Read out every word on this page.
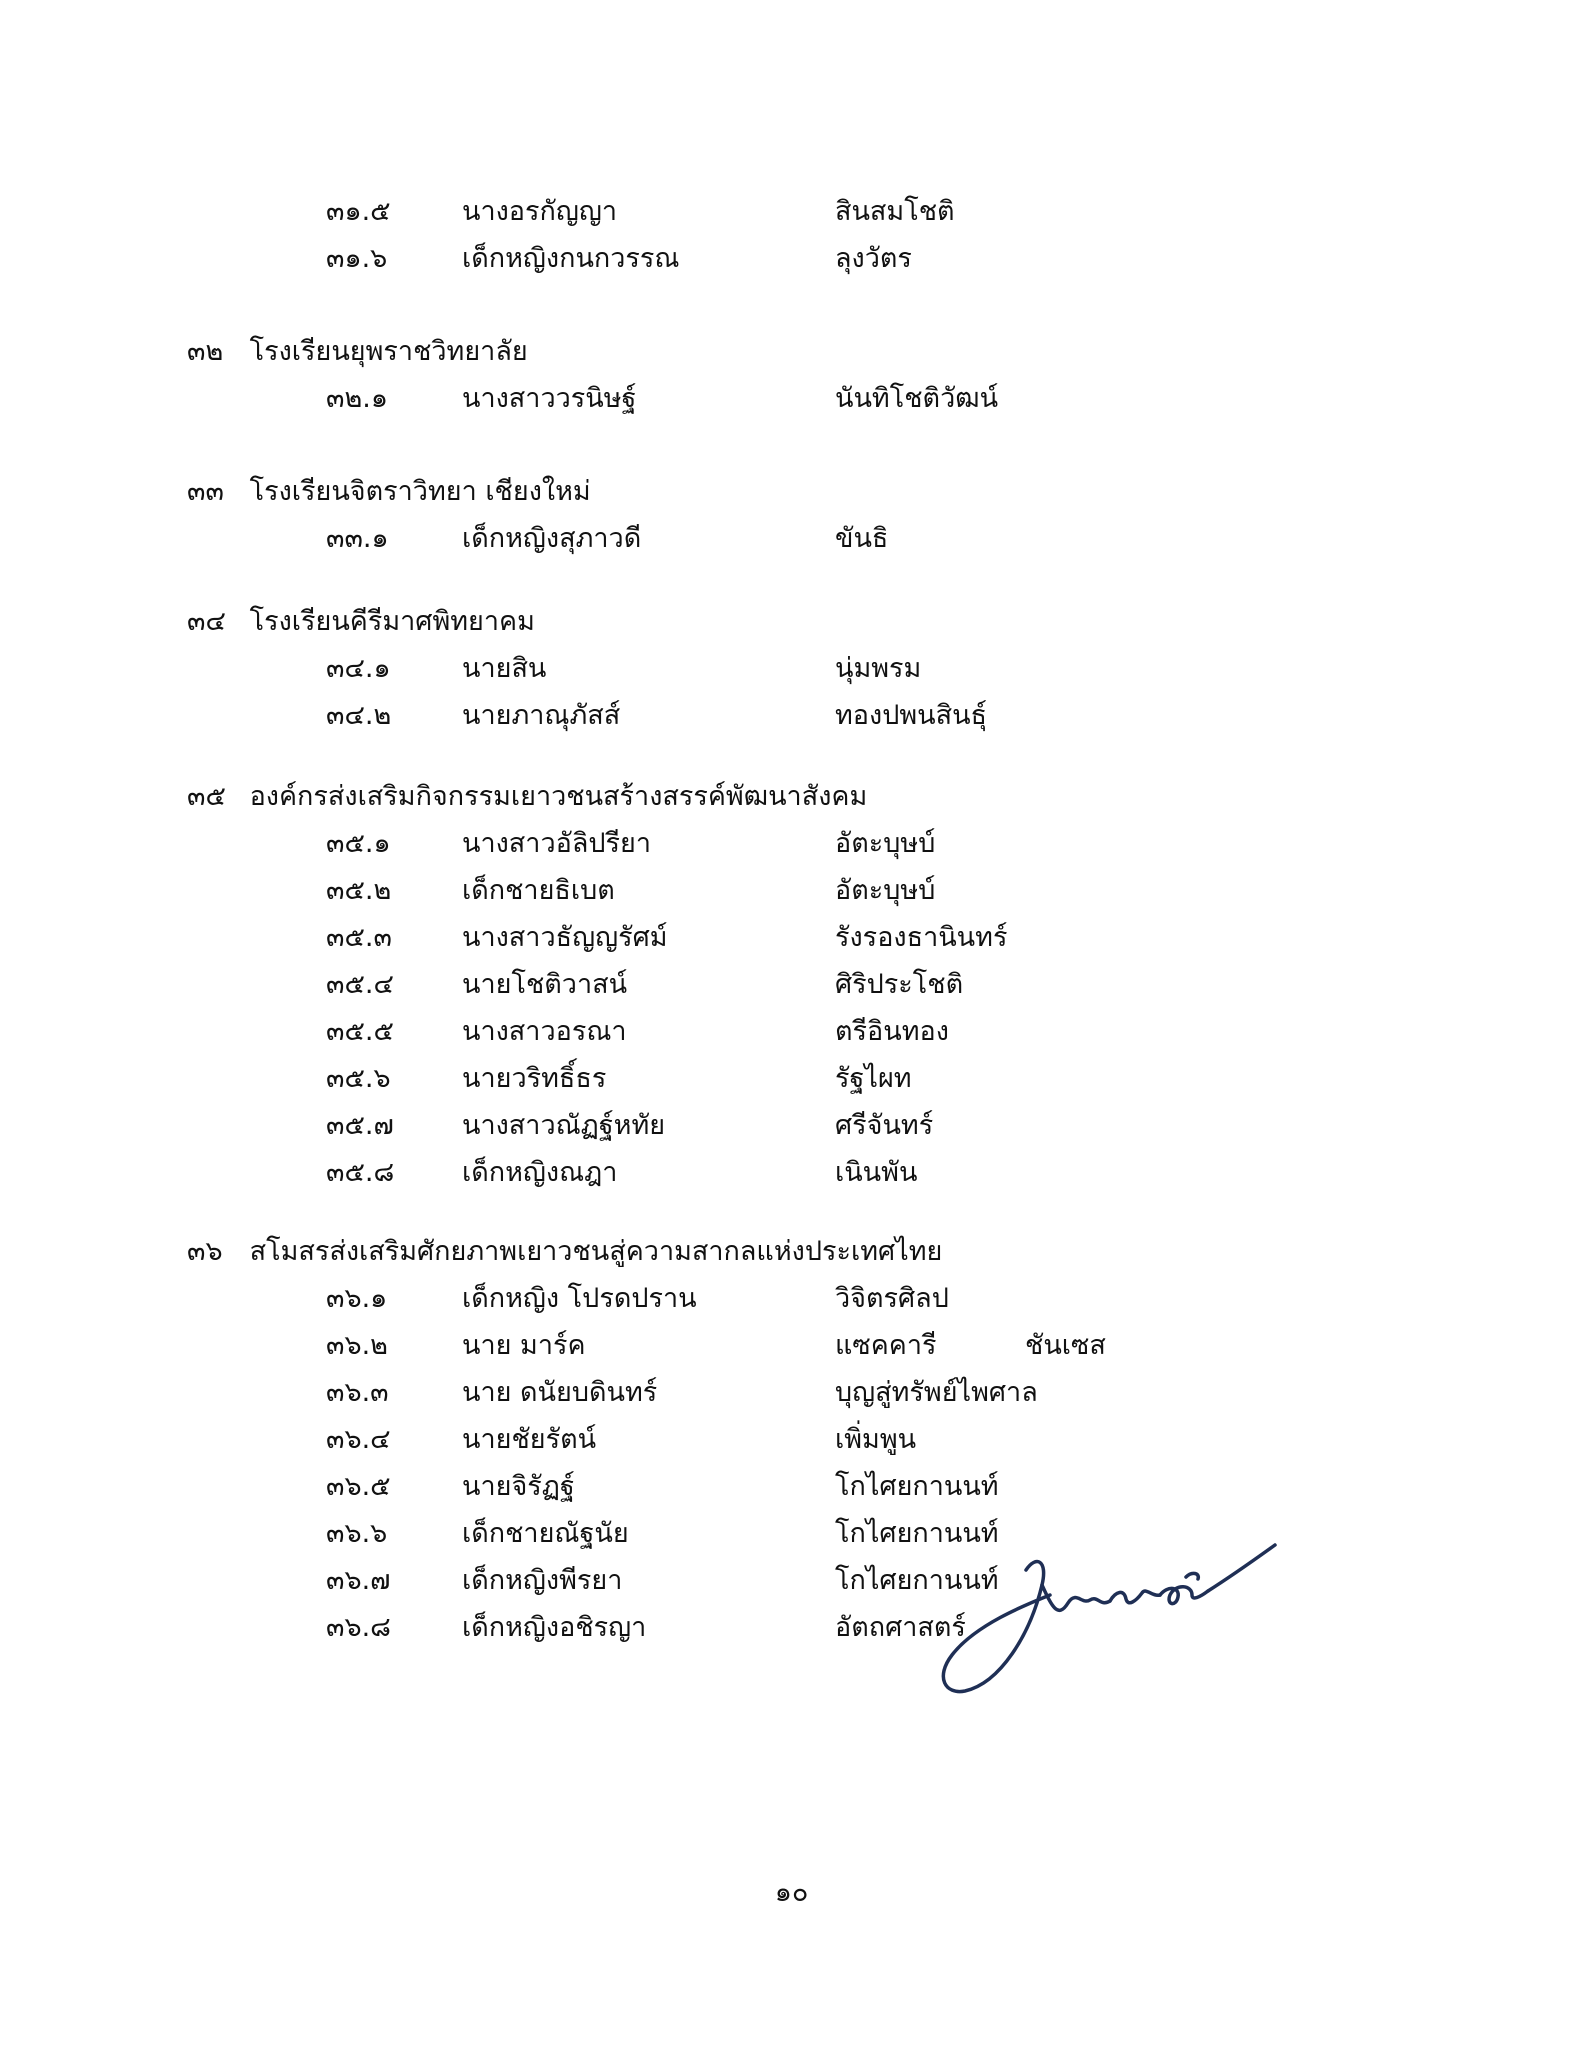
๓๑.๕	นางอรกัญญา	สินสมโชติ
๓๑.๖	เด็กหญิงกนกวรรณ	ลุงวัตร
๓๒ โรงเรียนยุพราชวิทยาลัย
๓๒.๑	นางสาววรนิษฐ์	นันทิโชติวัฒน์
๓๓ โรงเรียนจิตราวิทยา เชียงใหม่
๓๓.๑	เด็กหญิงสุภาวดี	ขันธิ
๓๔ โรงเรียนคีรีมาศพิทยาคม
๓๔.๑	นายสิน	นุ่มพรม
๓๔.๒	นายภาณุภัสส์	ทองปพนสินธุ์
๓๕ องค์กรส่งเสริมกิจกรรมเยาวชนสร้างสรรค์พัฒนาสังคม
๓๕.๑	นางสาวอัลิปรียา	อัตะบุษบ์
๓๕.๒	เด็กชายธิเบต	อัตะบุษบ์
๓๕.๓	นางสาวธัญญรัศม์	รังรองธานินทร์
๓๕.๔	นายโชติวาสน์	ศิริประโชติ
๓๕.๕	นางสาวอรณา	ตรีอินทอง
๓๕.๖	นายวริทธิ์ธร	รัฐไผท
๓๕.๗	นางสาวณัฏฐ์หทัย	ศรีจันทร์
๓๕.๘	เด็กหญิงณฎา	เนินพัน
๓๖ สโมสรส่งเสริมศักยภาพเยาวชนสู่ความสากลแห่งประเทศไทย
๓๖.๑	เด็กหญิง โปรดปราน	วิจิตรศิลป
๓๖.๒	นาย มาร์ค	แซคคารี	ชันเซส
๓๖.๓	นาย ดนัยบดินทร์	บุญสู่ทรัพย์ไพศาล
๓๖.๔	นายชัยรัตน์	เพิ่มพูน
๓๖.๕	นายจิรัฏฐ์	โกไศยกานนท์
๓๖.๖	เด็กชายณัฐนัย	โกไศยกานนท์
๓๖.๗	เด็กหญิงพีรยา	โกไศยกานนท์
๓๖.๘	เด็กหญิงอชิรญา	อัตถศาสตร์
๑๐
